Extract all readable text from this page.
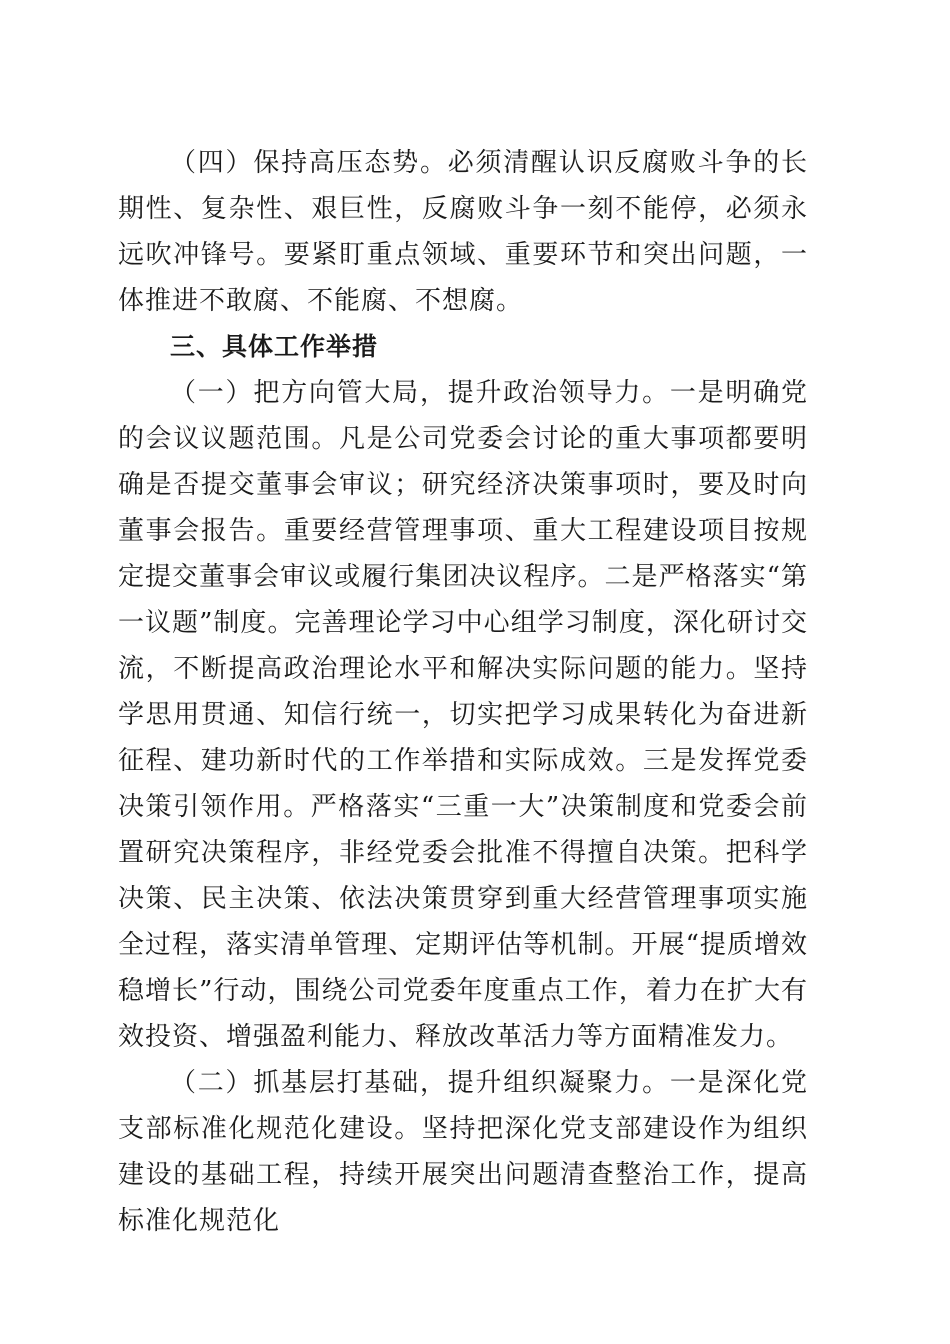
（四）保持高压态势。必须清醒认识反腐败斗争的长期性、复杂性、艰巨性，反腐败斗争一刻不能停，必须永远吹冲锋号。要紧盯重点领域、重要环节和突出问题，一体推进不敢腐、不能腐、不想腐。

三、具体工作举措

（一）把方向管大局，提升政治领导力。一是明确党的会议议题范围。凡是公司党委会讨论的重大事项都要明确是否提交董事会审议；研究经济决策事项时，要及时向董事会报告。重要经营管理事项、重大工程建设项目按规定提交董事会审议或履行集团决议程序。二是严格落实“第一议题”制度。完善理论学习中心组学习制度，深化研讨交流，不断提高政治理论水平和解决实际问题的能力。坚持学思用贯通、知信行统一，切实把学习成果转化为奋进新征程、建功新时代的工作举措和实际成效。三是发挥党委决策引领作用。严格落实“三重一大”决策制度和党委会前置研究决策程序，非经党委会批准不得擅自决策。把科学决策、民主决策、依法决策贯穿到重大经营管理事项实施全过程，落实清单管理、定期评估等机制。开展“提质增效稳增长”行动，围绕公司党委年度重点工作，着力在扩大有效投资、增强盈利能力、释放改革活力等方面精准发力。

（二）抓基层打基础，提升组织凝聚力。一是深化党支部标准化规范化建设。坚持把深化党支部建设作为组织建设的基础工程，持续开展突出问题清查整治工作，提高标准化规范化
